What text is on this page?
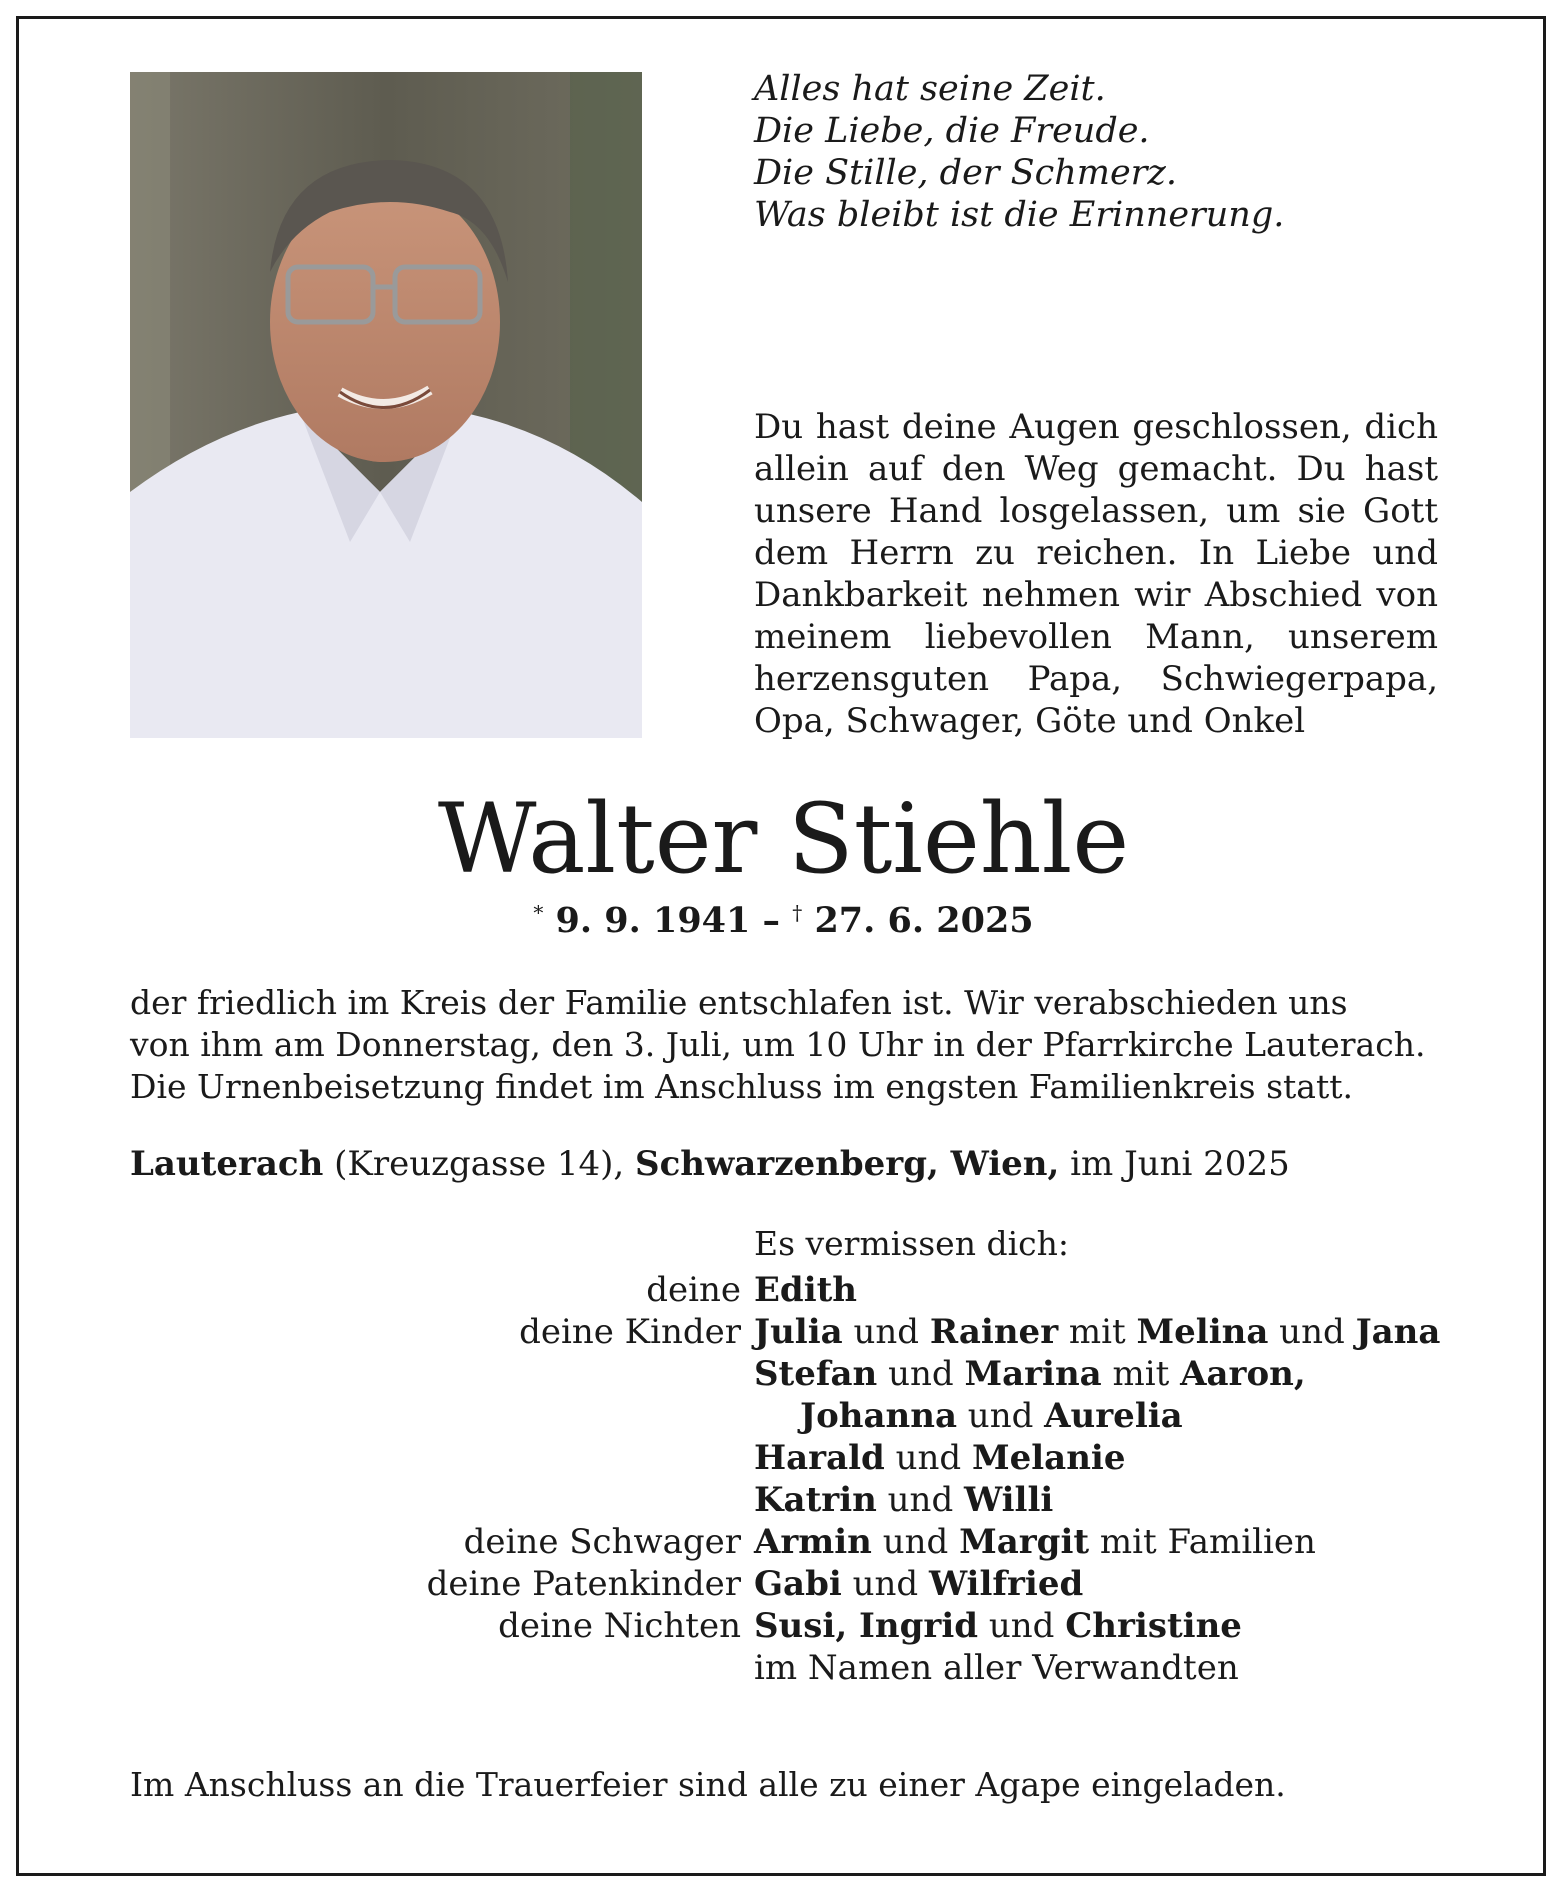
Alles hat seine Zeit.
Die Liebe, die Freude.
Die Stille, der Schmerz.
Was bleibt ist die Erinnerung.
Du hast deine Augen geschlossen, dich allein auf den Weg gemacht. Du hast unsere Hand losgelassen, um sie Gott dem Herrn zu reichen. In Liebe und Dankbarkeit nehmen wir Abschied von meinem liebevollen Mann, unserem herzensguten Papa, Schwiegerpapa, Opa, Schwager, Göte und Onkel
Walter Stiehle
* 9. 9. 1941 – † 27. 6. 2025
der friedlich im Kreis der Familie entschlafen ist. Wir verabschieden uns
von ihm am Donnerstag, den 3. Juli, um 10 Uhr in der Pfarrkirche Lauterach.
Die Urnenbeisetzung findet im Anschluss im engsten Familienkreis statt.
Lauterach (Kreuzgasse 14), Schwarzenberg, Wien, im Juni 2025
Es vermissen dich:
deine Edith
deine Kinder Julia und Rainer mit Melina und Jana
Stefan und Marina mit Aaron,
Johanna und Aurelia
Harald und Melanie
Katrin und Willi
deine Schwager Armin und Margit mit Familien
deine Patenkinder Gabi und Wilfried
deine Nichten Susi, Ingrid und Christine
im Namen aller Verwandten
Im Anschluss an die Trauerfeier sind alle zu einer Agape eingeladen.
